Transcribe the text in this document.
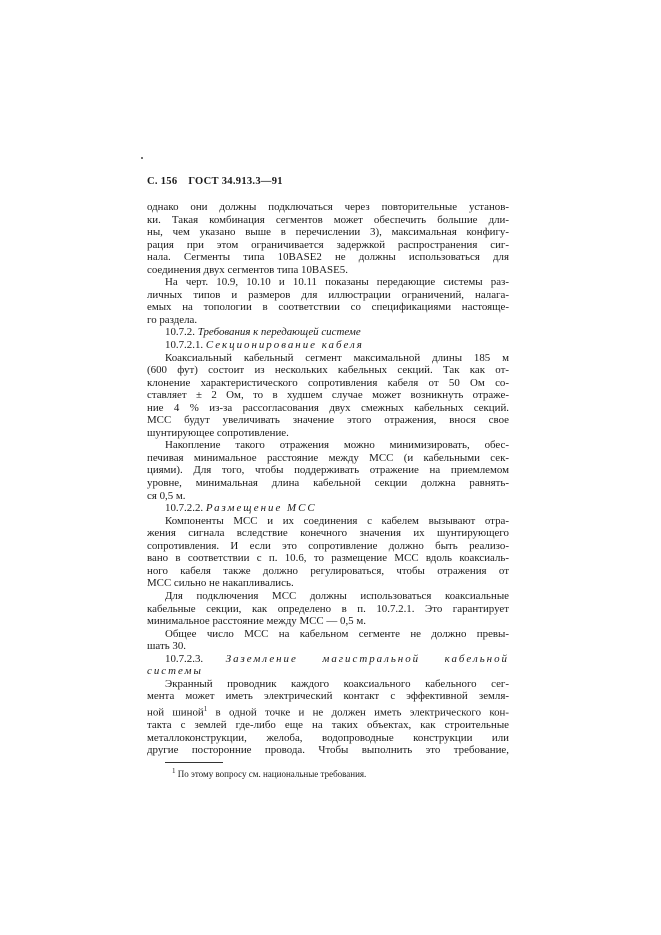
С. 156 ГОСТ 34.913.3—91
однако они должны подключаться через повторительные установ-
ки. Такая комбинация сегментов может обеспечить большие дли-
ны, чем указано выше в перечислении 3), максимальная конфигу-
рация при этом ограничивается задержкой распространения сиг-
нала. Сегменты типа 10BASE2 не должны использоваться для
соединения двух сегментов типа 10BASE5.
На черт. 10.9, 10.10 и 10.11 показаны передающие системы раз-
личных типов и размеров для иллюстрации ограничений, налага-
емых на топологии в соответствии со спецификациями настояще-
го раздела.
10.7.2. Требования к передающей системе
10.7.2.1. Секционирование кабеля
Коаксиальный кабельный сегмент максимальной длины 185 м
(600 фут) состоит из нескольких кабельных секций. Так как от-
клонение характеристического сопротивления кабеля от 50 Ом со-
ставляет ± 2 Ом, то в худшем случае может возникнуть отраже-
ние 4 % из-за рассогласования двух смежных кабельных секций.
МСС будут увеличивать значение этого отражения, внося свое
шунтирующее сопротивление.
Накопление такого отражения можно минимизировать, обес-
печивая минимальное расстояние между МСС (и кабельными сек-
циями). Для того, чтобы поддерживать отражение на приемлемом
уровне, минимальная длина кабельной секции должна равнять-
ся 0,5 м.
10.7.2.2. Размещение МСС
Компоненты МСС и их соединения с кабелем вызывают отра-
жения сигнала вследствие конечного значения их шунтирующего
сопротивления. И если это сопротивление должно быть реализо-
вано в соответствии с п. 10.6, то размещение МСС вдоль коаксиаль-
ного кабеля также должно регулироваться, чтобы отражения от
МСС сильно не накапливались.
Для подключения МСС должны использоваться коаксиальные
кабельные секции, как определено в п. 10.7.2.1. Это гарантирует
минимальное расстояние между МСС — 0,5 м.
Общее число МСС на кабельном сегменте не должно превы-
шать 30.
10.7.2.3. Заземление магистральной кабельной
системы
Экранный проводник каждого коаксиального кабельного сег-
мента может иметь электрический контакт с эффективной земля-
ной шиной$^1$ в одной точке и не должен иметь электрического кон-
такта с землей где-либо еще на таких объектах, как строительные
металлоконструкции, желоба, водопроводные конструкции или
другие посторонние провода. Чтобы выполнить это требование,
$^1$ По этому вопросу см. национальные требования.
